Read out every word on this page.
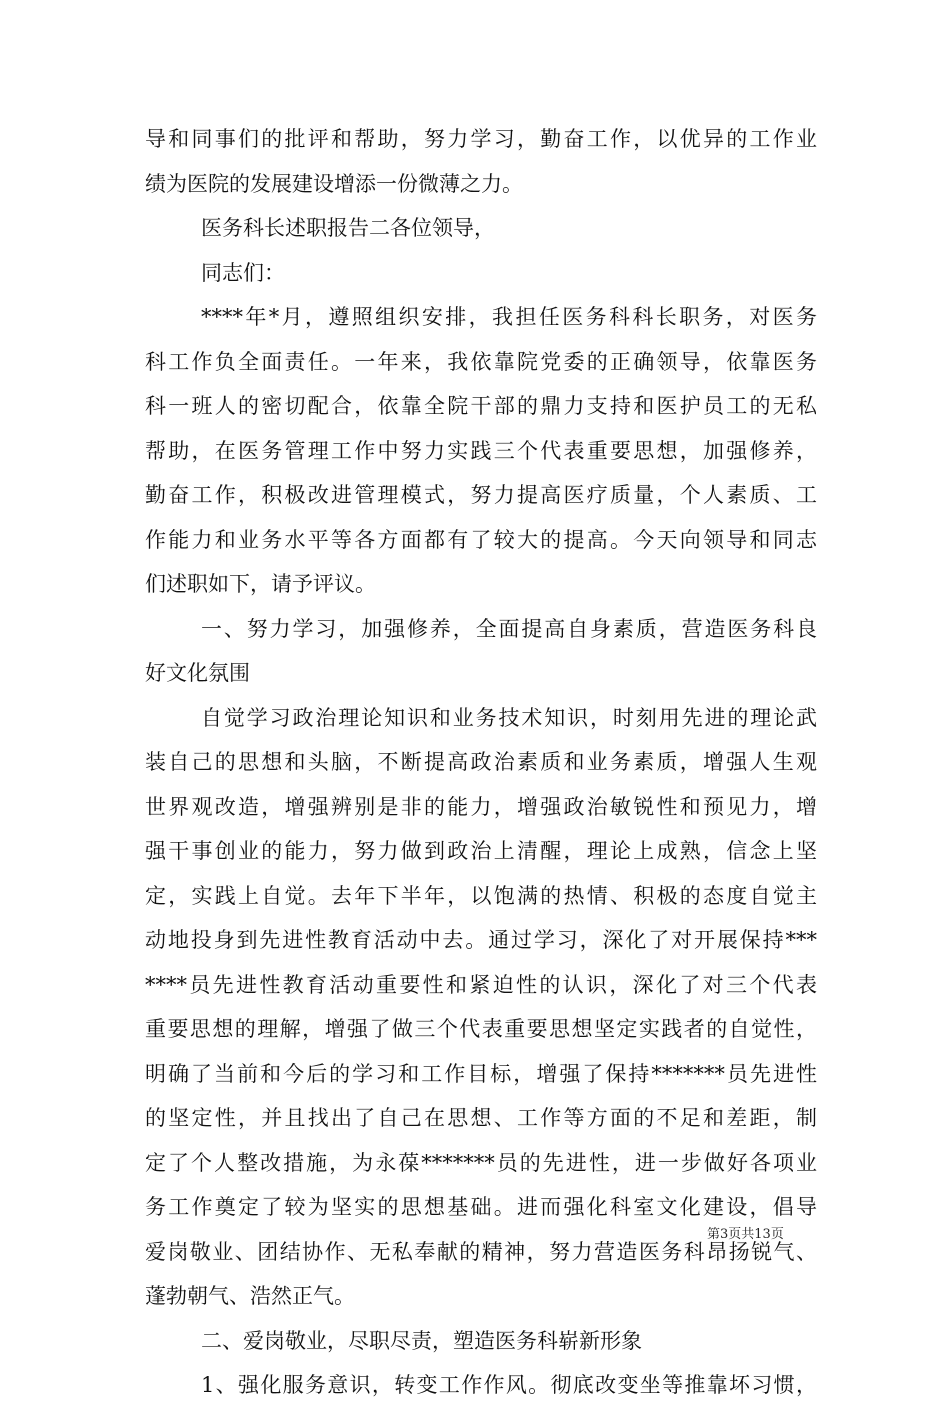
导和同事们的批评和帮助，努力学习，勤奋工作，以优异的工作业
绩为医院的发展建设增添一份微薄之力。
医务科长述职报告二各位领导，
同志们：
****年*月，遵照组织安排，我担任医务科科长职务，对医务
科工作负全面责任。一年来，我依靠院党委的正确领导，依靠医务
科一班人的密切配合，依靠全院干部的鼎力支持和医护员工的无私
帮助，在医务管理工作中努力实践三个代表重要思想，加强修养，
勤奋工作，积极改进管理模式，努力提高医疗质量，个人素质、工
作能力和业务水平等各方面都有了较大的提高。今天向领导和同志
们述职如下，请予评议。
一、努力学习，加强修养，全面提高自身素质，营造医务科良
好文化氛围
自觉学习政治理论知识和业务技术知识，时刻用先进的理论武
装自己的思想和头脑，不断提高政治素质和业务素质，增强人生观
世界观改造，增强辨别是非的能力，增强政治敏锐性和预见力，增
强干事创业的能力，努力做到政治上清醒，理论上成熟，信念上坚
定，实践上自觉。去年下半年，以饱满的热情、积极的态度自觉主
动地投身到先进性教育活动中去。通过学习，深化了对开展保持***
****员先进性教育活动重要性和紧迫性的认识，深化了对三个代表
重要思想的理解，增强了做三个代表重要思想坚定实践者的自觉性，
明确了当前和今后的学习和工作目标，增强了保持*******员先进性
的坚定性，并且找出了自己在思想、工作等方面的不足和差距，制
定了个人整改措施，为永葆*******员的先进性，进一步做好各项业
务工作奠定了较为坚实的思想基础。进而强化科室文化建设，倡导
爱岗敬业、团结协作、无私奉献的精神，努力营造医务科昂扬锐气、
蓬勃朝气、浩然正气。
二、爱岗敬业，尽职尽责，塑造医务科崭新形象
1、强化服务意识，转变工作作风。彻底改变坐等推靠坏习惯，
第3页共13页
